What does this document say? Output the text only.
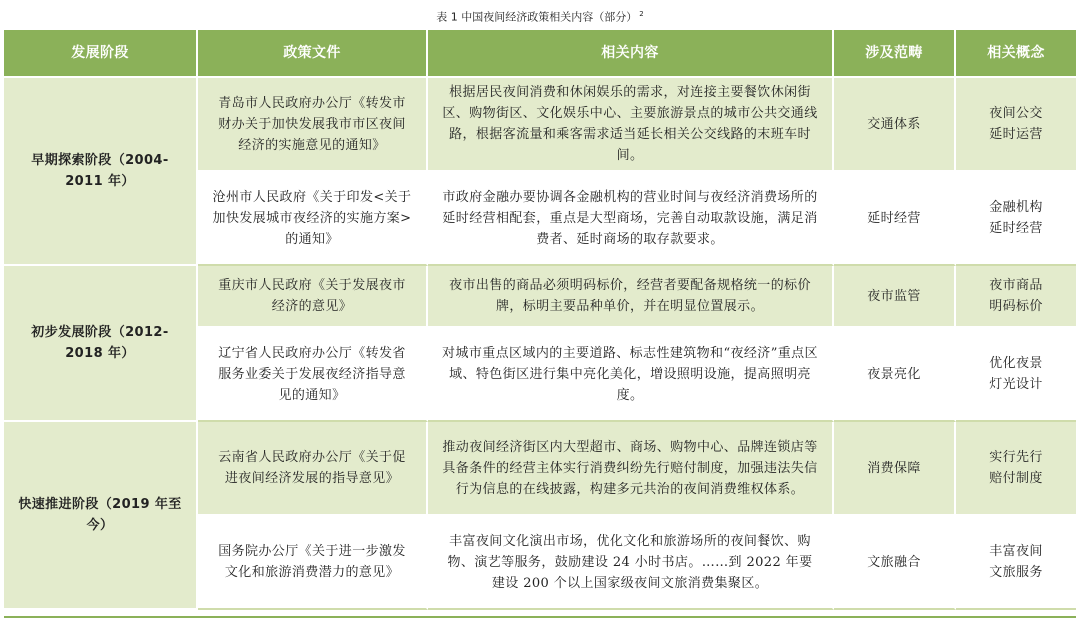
表 1 中国夜间经济政策相关内容（部分） $^2$
发展阶段	政策文件	相关内容	涉及范畴	相关概念
早期探索阶段（2004-2011 年）	青岛市人民政府办公厅《转发市财办关于加快发展我市市区夜间经济的实施意见的通知》	根据居民夜间消费和休闲娱乐的需求，对连接主要餐饮休闲街区、购物街区、文化娱乐中心、主要旅游景点的城市公共交通线路，根据客流量和乘客需求适当延长相关公交线路的末班车时间。	交通体系	夜间公交
延时运营

	沧州市人民政府《关于印发<关于加快发展城市夜经济的实施方案>的通知》	市政府金融办要协调各金融机构的营业时间与夜经济消费场所的延时经营相配套，重点是大型商场，完善自动取款设施，满足消费者、延时商场的取存款要求。	延时经营	金融机构
延时经营

初步发展阶段（2012-2018 年）	重庆市人民政府《关于发展夜市经济的意见》	夜市出售的商品必须明码标价，经营者要配备规格统一的标价牌，标明主要品种单价，并在明显位置展示。	夜市监管	夜市商品
明码标价

	辽宁省人民政府办公厅《转发省服务业委关于发展夜经济指导意见的通知》	对城市重点区域内的主要道路、标志性建筑物和“夜经济”重点区域、特色街区进行集中亮化美化，增设照明设施，提高照明亮度。	夜景亮化	优化夜景
灯光设计

快速推进阶段（2019 年至今）	云南省人民政府办公厅《关于促进夜间经济发展的指导意见》	推动夜间经济街区内大型超市、商场、购物中心、品牌连锁店等具备条件的经营主体实行消费纠纷先行赔付制度，加强违法失信行为信息的在线披露，构建多元共治的夜间消费维权体系。	消费保障	实行先行
赔付制度

	国务院办公厅《关于进一步激发文化和旅游消费潜力的意见》	丰富夜间文化演出市场，优化文化和旅游场所的夜间餐饮、购物、演艺等服务，鼓励建设 24 小时书店。……到 2022 年要建设 200 个以上国家级夜间文旅消费集聚区。	文旅融合	丰富夜间
文旅服务
